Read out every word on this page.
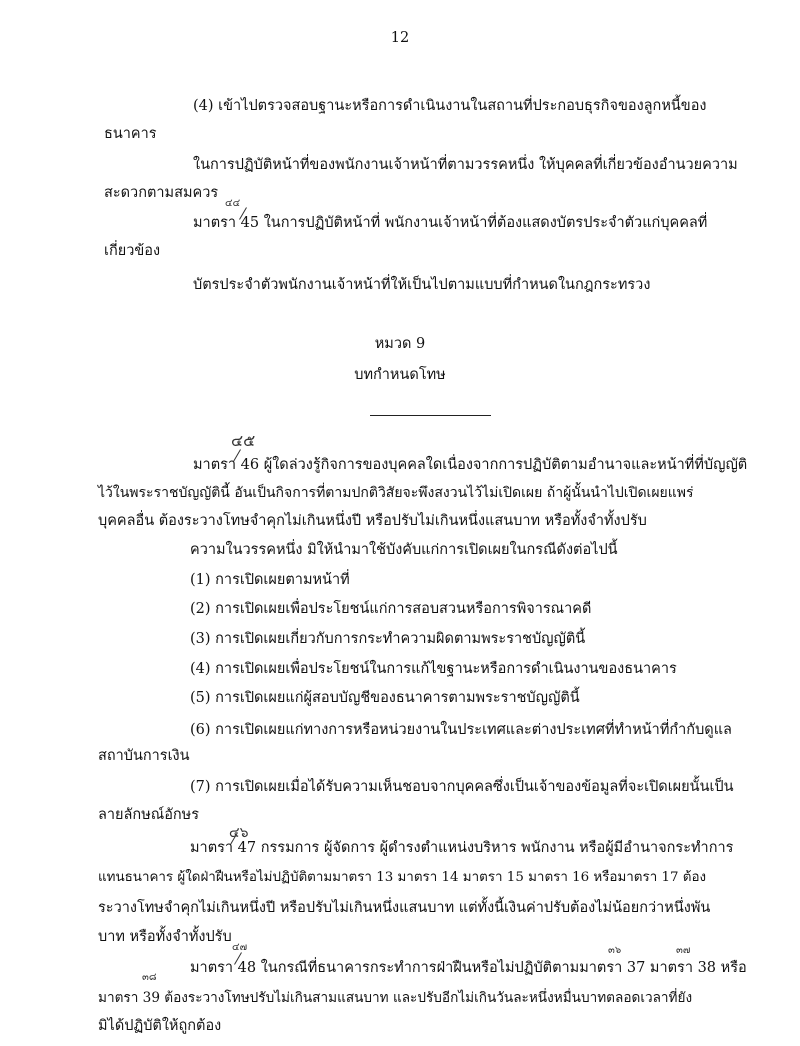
12
(4) เข้าไปตรวจสอบฐานะหรือการดำเนินงานในสถานที่ประกอบธุรกิจของลูกหนี้ของ
ธนาคาร
ในการปฏิบัติหน้าที่ของพนักงานเจ้าหน้าที่ตามวรรคหนึ่ง ให้บุคคลที่เกี่ยวข้องอำนวยความ
สะดวกตามสมควร
๔๔
มาตรา 45 ในการปฏิบัติหน้าที่ พนักงานเจ้าหน้าที่ต้องแสดงบัตรประจำตัวแก่บุคคลที่
เกี่ยวข้อง
บัตรประจำตัวพนักงานเจ้าหน้าที่ให้เป็นไปตามแบบที่กำหนดในกฎกระทรวง
หมวด 9
บทกำหนดโทษ
๔๕
มาตรา 46 ผู้ใดล่วงรู้กิจการของบุคคลใดเนื่องจากการปฏิบัติตามอำนาจและหน้าที่ที่บัญญัติ
ไว้ในพระราชบัญญัตินี้ อันเป็นกิจการที่ตามปกติวิสัยจะพึงสงวนไว้ไม่เปิดเผย ถ้าผู้นั้นนำไปเปิดเผยแพร่
บุคคลอื่น ต้องระวางโทษจำคุกไม่เกินหนึ่งปี หรือปรับไม่เกินหนึ่งแสนบาท หรือทั้งจำทั้งปรับ
ความในวรรคหนึ่ง มิให้นำมาใช้บังคับแก่การเปิดเผยในกรณีดังต่อไปนี้
(1) การเปิดเผยตามหน้าที่
(2) การเปิดเผยเพื่อประโยชน์แก่การสอบสวนหรือการพิจารณาคดี
(3) การเปิดเผยเกี่ยวกับการกระทำความผิดตามพระราชบัญญัตินี้
(4) การเปิดเผยเพื่อประโยชน์ในการแก้ไขฐานะหรือการดำเนินงานของธนาคาร
(5) การเปิดเผยแก่ผู้สอบบัญชีของธนาคารตามพระราชบัญญัตินี้
(6) การเปิดเผยแก่ทางการหรือหน่วยงานในประเทศและต่างประเทศที่ทำหน้าที่กำกับดูแล
สถาบันการเงิน
(7) การเปิดเผยเมื่อได้รับความเห็นชอบจากบุคคลซึ่งเป็นเจ้าของข้อมูลที่จะเปิดเผยนั้นเป็น
ลายลักษณ์อักษร
๔๖
มาตรา 47 กรรมการ ผู้จัดการ ผู้ดำรงตำแหน่งบริหาร พนักงาน หรือผู้มีอำนาจกระทำการ
แทนธนาคาร ผู้ใดฝ่าฝืนหรือไม่ปฏิบัติตามมาตรา 13 มาตรา 14 มาตรา 15 มาตรา 16 หรือมาตรา 17 ต้อง
ระวางโทษจำคุกไม่เกินหนึ่งปี หรือปรับไม่เกินหนึ่งแสนบาท แต่ทั้งนี้เงินค่าปรับต้องไม่น้อยกว่าหนึ่งพัน
บาท หรือทั้งจำทั้งปรับ
๔๗	๓๖	๓๗
มาตรา 48 ในกรณีที่ธนาคารกระทำการฝ่าฝืนหรือไม่ปฏิบัติตามมาตรา 37 มาตรา 38 หรือ
๓๘
มาตรา 39 ต้องระวางโทษปรับไม่เกินสามแสนบาท และปรับอีกไม่เกินวันละหนึ่งหมื่นบาทตลอดเวลาที่ยัง
มิได้ปฏิบัติให้ถูกต้อง
